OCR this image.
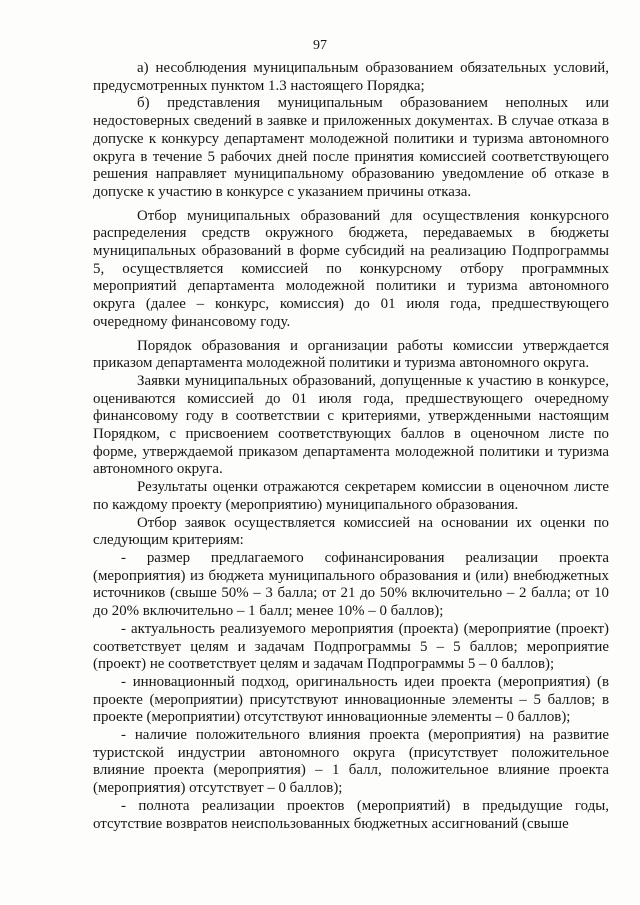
97

а) несоблюдения муниципальным образованием обязательных условий, предусмотренных пунктом 1.3 настоящего Порядка;

б) представления муниципальным образованием неполных или недостоверных сведений в заявке и приложенных документах. В случае отказа в допуске к конкурсу департамент молодежной политики и туризма автономного округа в течение 5 рабочих дней после принятия комиссией соответствующего решения направляет муниципальному образованию уведомление об отказе в допуске к участию в конкурсе с указанием причины отказа.

Отбор муниципальных образований для осуществления конкурсного распределения средств окружного бюджета, передаваемых в бюджеты муниципальных образований в форме субсидий на реализацию Подпрограммы 5, осуществляется комиссией по конкурсному отбору программных мероприятий департамента молодежной политики и туризма автономного округа (далее – конкурс, комиссия) до 01 июля года, предшествующего очередному финансовому году.

Порядок образования и организации работы комиссии утверждается приказом департамента молодежной политики и туризма автономного округа.

Заявки муниципальных образований, допущенные к участию в конкурсе, оцениваются комиссией до 01 июля года, предшествующего очередному финансовому году в соответствии с критериями, утвержденными настоящим Порядком, с присвоением соответствующих баллов в оценочном листе по форме, утверждаемой приказом департамента молодежной политики и туризма автономного округа.

Результаты оценки отражаются секретарем комиссии в оценочном листе по каждому проекту (мероприятию) муниципального образования.

Отбор заявок осуществляется комиссией на основании их оценки по следующим критериям:

- размер предлагаемого софинансирования реализации проекта (мероприятия) из бюджета муниципального образования и (или) внебюджетных источников (свыше 50% – 3 балла; от 21 до 50% включительно – 2 балла; от 10 до 20% включительно – 1 балл; менее 10% – 0 баллов);

- актуальность реализуемого мероприятия (проекта) (мероприятие (проект) соответствует целям и задачам Подпрограммы 5 – 5 баллов; мероприятие (проект) не соответствует целям и задачам Подпрограммы 5 – 0 баллов);

- инновационный подход, оригинальность идеи проекта (мероприятия) (в проекте (мероприятии) присутствуют инновационные элементы – 5 баллов; в проекте (мероприятии) отсутствуют инновационные элементы – 0 баллов);

- наличие положительного влияния проекта (мероприятия) на развитие туристской индустрии автономного округа (присутствует положительное влияние проекта (мероприятия) – 1 балл, положительное влияние проекта (мероприятия) отсутствует – 0 баллов);

- полнота реализации проектов (мероприятий) в предыдущие годы, отсутствие возвратов неиспользованных бюджетных ассигнований (свыше
